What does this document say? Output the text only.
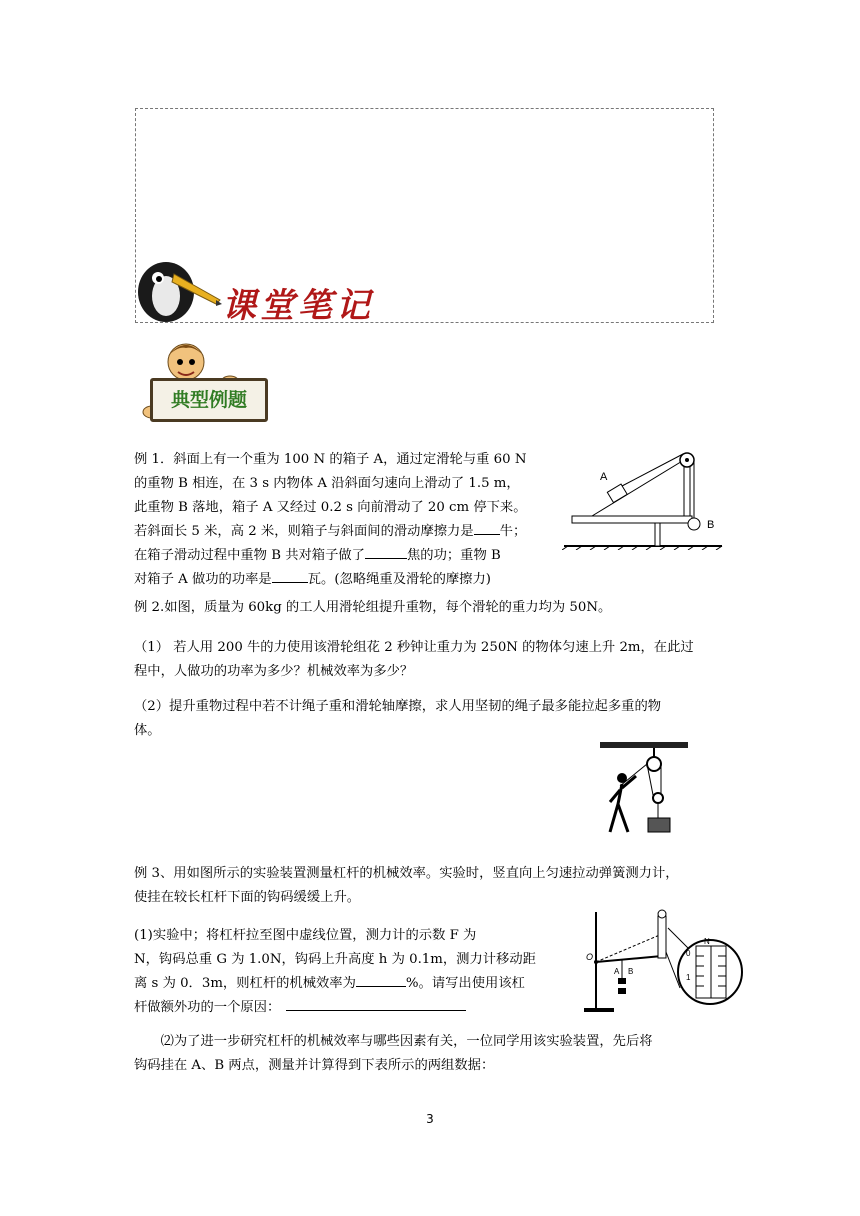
课堂笔记
典型例题
例 1．斜面上有一个重为 100 N 的箱子 A，通过定滑轮与重 60 N
的重物 B 相连，在 3 s 内物体 A 沿斜面匀速向上滑动了 1.5 m，
此重物 B 落地，箱子 A 又经过 0.2 s 向前滑动了 20 cm 停下来。
若斜面长 5 米，高 2 米，则箱子与斜面间的滑动摩擦力是 牛；
在箱子滑动过程中重物 B 共对箱子做了	焦的功；重物 B
对箱子 A 做功的功率是	瓦。(忽略绳重及滑轮的摩擦力)
A
B
例 2.如图，质量为 60kg 的工人用滑轮组提升重物，每个滑轮的重力均为 50N。
（1） 若人用 200 牛的力使用该滑轮组花 2 秒钟让重力为 250N 的物体匀速上升 2m，在此过
程中，人做功的功率为多少？机械效率为多少？
（2）提升重物过程中若不计绳子重和滑轮轴摩擦，求人用坚韧的绳子最多能拉起多重的物
体。
例 3、用如图所示的实验装置测量杠杆的机械效率。实验时，竖直向上匀速拉动弹簧测力计，
使挂在较长杠杆下面的钩码缓缓上升。
(1)实验中；将杠杆拉至图中虚线位置，测力计的示数 F 为
N，钩码总重 G 为 1.0N，钩码上升高度 h 为 0.1m，测力计移动距
离 s 为 0．3m，则杠杆的机械效率为	%。请写出使用该杠
杆做额外功的一个原因：
⑵为了进一步研究杠杆的机械效率与哪些因素有关，一位同学用该实验装置，先后将
钩码挂在 A、B 两点，测量并计算得到下表所示的两组数据：
O
A B
N
0
1
3
